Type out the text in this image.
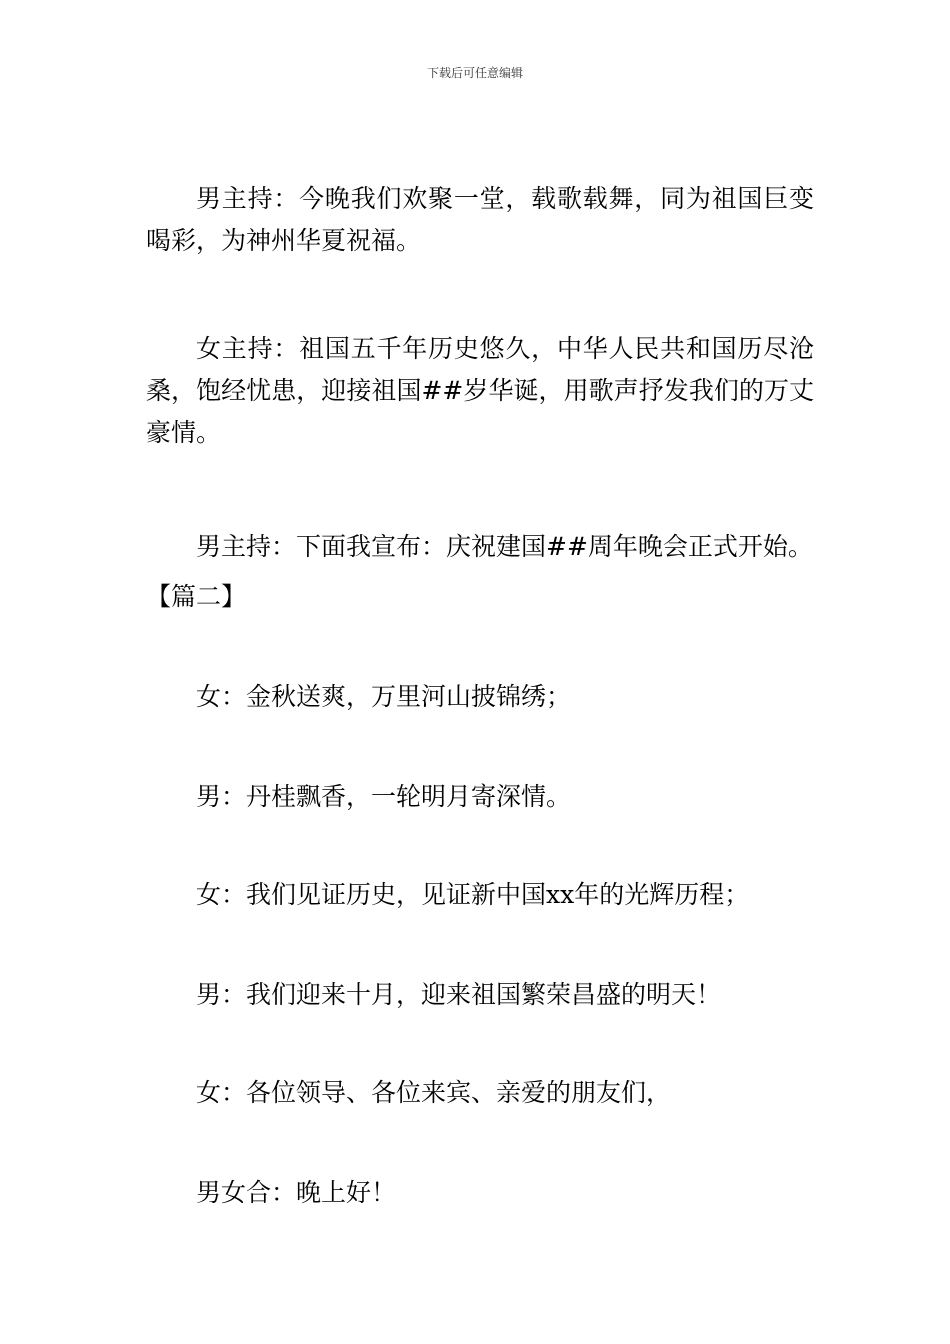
下载后可任意编辑

男主持：今晚我们欢聚一堂，载歌载舞，同为祖国巨变喝彩，为神州华夏祝福。

女主持：祖国五千年历史悠久，中华人民共和国历尽沧桑，饱经忧患，迎接祖国##岁华诞，用歌声抒发我们的万丈豪情。

男主持：下面我宣布：庆祝建国##周年晚会正式开始。

【篇二】

女：金秋送爽，万里河山披锦绣；

男：丹桂飘香，一轮明月寄深情。

女：我们见证历史，见证新中国xx年的光辉历程；

男：我们迎来十月，迎来祖国繁荣昌盛的明天！

女：各位领导、各位来宾、亲爱的朋友们，

男女合：晚上好！
